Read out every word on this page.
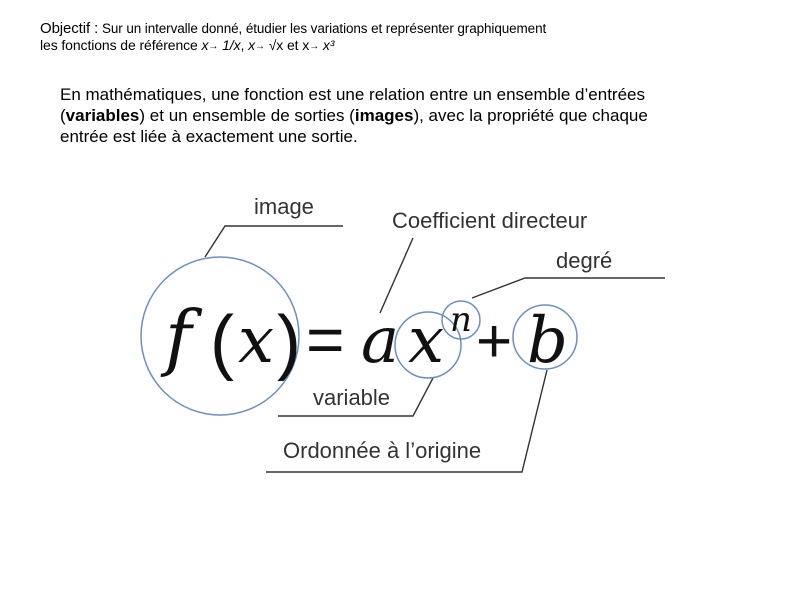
Objectif : Sur un intervalle donné, étudier les variations et représenter graphiquement
les fonctions de référence x→ 1/x, x→ √x et x→ x³
En mathématiques, une fonction est une relation entre un ensemble d’entrées
(variables) et un ensemble de sorties (images), avec la propriété que chaque
entrée est liée à exactement une sortie.
f ( x ) = a x n + b
image
Coefficient directeur
degré
variable
Ordonnée à l’origine
